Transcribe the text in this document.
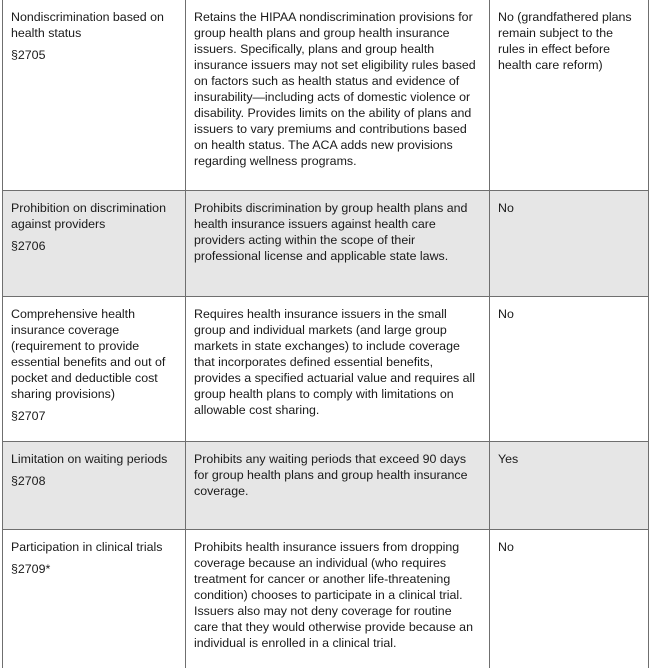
Nondiscrimination based on health status
§2705	Retains the HIPAA nondiscrimination provisions for group health plans and group health insurance issuers. Specifically, plans and group health insurance issuers may not set eligibility rules based on factors such as health status and evidence of insurability—including acts of domestic violence or disability. Provides limits on the ability of plans and issuers to vary premiums and contributions based on health status. The ACA adds new provisions regarding wellness programs.	No (grandfathered plans remain subject to the rules in effect before health care reform)

Prohibition on discrimination against providers
§2706	Prohibits discrimination by group health plans and health insurance issuers against health care providers acting within the scope of their professional license and applicable state laws.	No

Comprehensive health insurance coverage (requirement to provide essential benefits and out of pocket and deductible cost sharing provisions)
§2707	Requires health insurance issuers in the small group and individual markets (and large group markets in state exchanges) to include coverage that incorporates defined essential benefits, provides a specified actuarial value and requires all group health plans to comply with limitations on allowable cost sharing.	No

Limitation on waiting periods
§2708	Prohibits any waiting periods that exceed 90 days for group health plans and group health insurance coverage.	Yes

Participation in clinical trials
§2709*	Prohibits health insurance issuers from dropping coverage because an individual (who requires treatment for cancer or another life-threatening condition) chooses to participate in a clinical trial. Issuers also may not deny coverage for routine care that they would otherwise provide because an individual is enrolled in a clinical trial.	No
